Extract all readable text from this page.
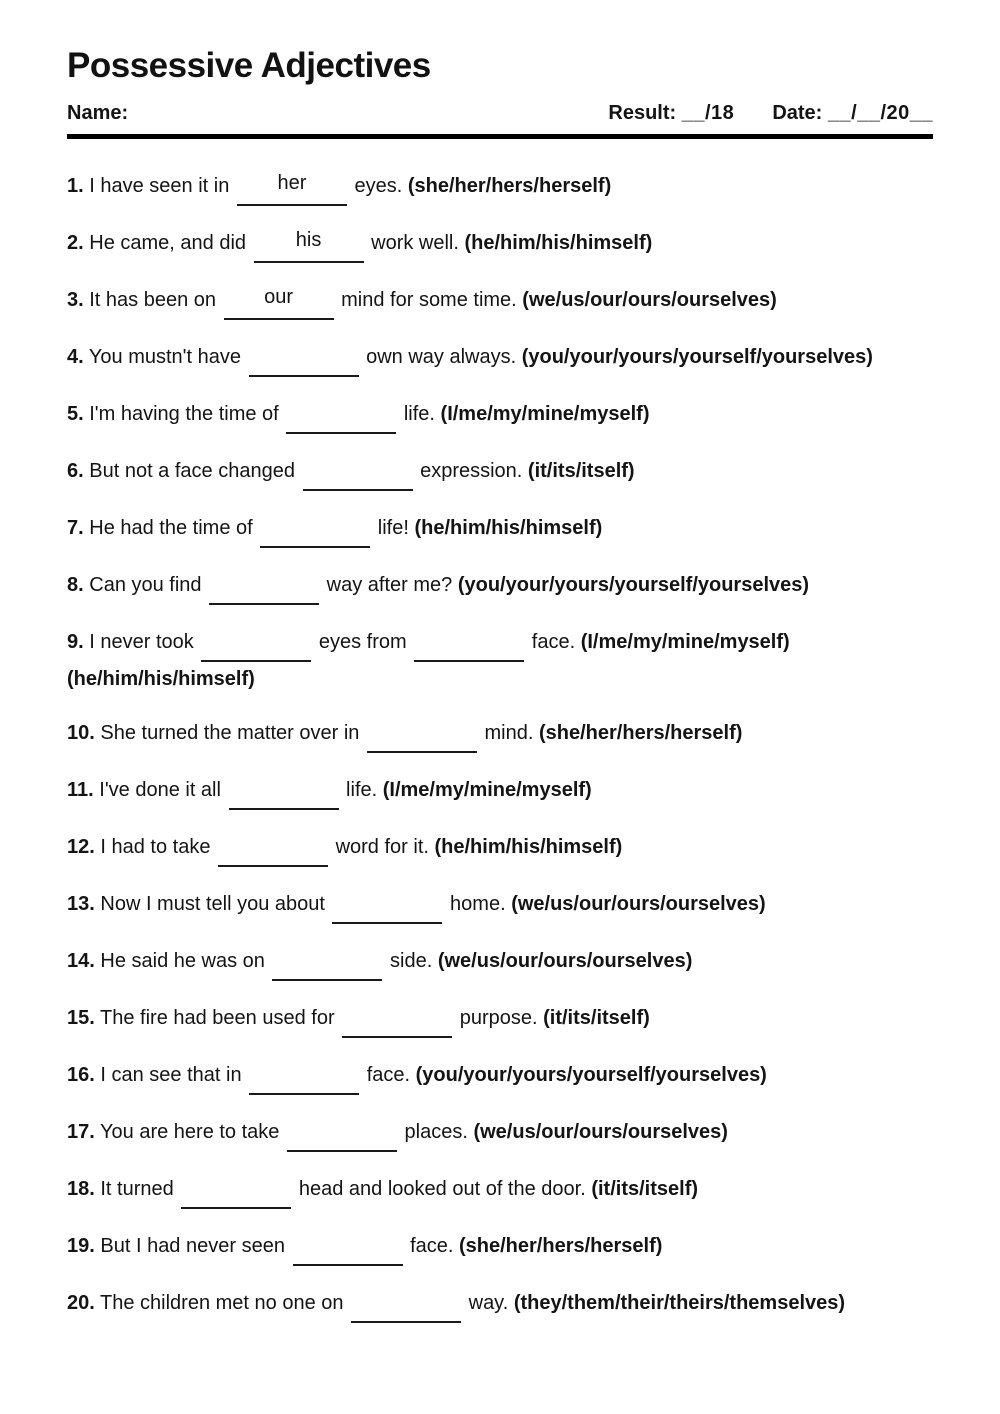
Possessive Adjectives
Name:	Result: __/18 Date: __/__/20__

1. I have seen it in her eyes. (she/her/hers/herself)

2. He came, and did his work well. (he/him/his/himself)

3. It has been on our mind for some time. (we/us/our/ours/ourselves)

4. You mustn't have	own way always. (you/your/yours/yourself/yourselves)

5. I'm having the time of	life. (I/me/my/mine/myself)

6. But not a face changed	expression. (it/its/itself)

7. He had the time of	life! (he/him/his/himself)

8. Can you find	way after me? (you/your/yours/yourself/yourselves)

9. I never took	eyes from	face. (I/me/my/mine/myself) (he/him/his/himself)

10. She turned the matter over in	mind. (she/her/hers/herself)

11. I've done it all	life. (I/me/my/mine/myself)

12. I had to take	word for it. (he/him/his/himself)

13. Now I must tell you about	home. (we/us/our/ours/ourselves)

14. He said he was on	side. (we/us/our/ours/ourselves)

15. The fire had been used for	purpose. (it/its/itself)

16. I can see that in	face. (you/your/yours/yourself/yourselves)

17. You are here to take	places. (we/us/our/ours/ourselves)

18. It turned	head and looked out of the door. (it/its/itself)

19. But I had never seen	face. (she/her/hers/herself)

20. The children met no one on	way. (they/them/their/theirs/themselves)
